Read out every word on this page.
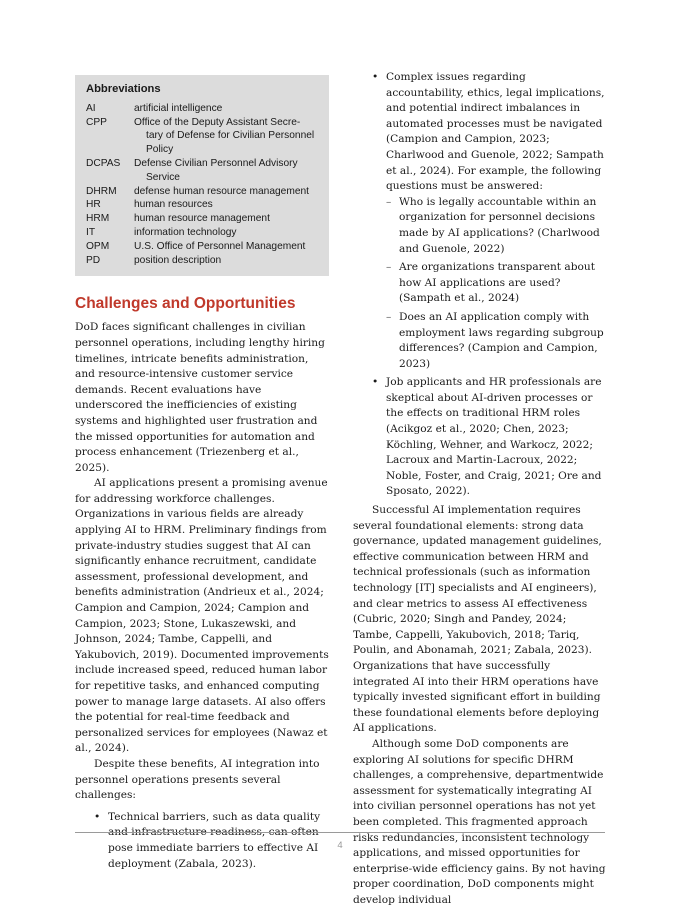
Abbreviations
AI	artificial intelligence
CPP	Office of the Deputy Assistant Secre-
tary of Defense for Civilian Personnel
Policy
DCPAS	Defense Civilian Personnel Advisory
Service
DHRM	defense human resource management
HR	human resources
HRM	human resource management
IT	information technology
OPM	U.S. Office of Personnel Management
PD	position description
Challenges and Opportunities

DoD faces significant challenges in civilian personnel operations, including lengthy hiring timelines, intricate benefits administration, and resource-intensive customer service demands. Recent evaluations have underscored the inefficiencies of existing systems and highlighted user frustration and the missed opportunities for automation and process enhancement (Triezenberg et al., 2025).

AI applications present a promising avenue for addressing workforce challenges. Organizations in various fields are already applying AI to HRM. Preliminary findings from private-industry studies suggest that AI can significantly enhance recruitment, candidate assessment, professional development, and benefits administration (Andrieux et al., 2024; Campion and Campion, 2024; Campion and Campion, 2023; Stone, Lukaszewski, and Johnson, 2024; Tambe, Cappelli, and Yakubovich, 2019). Documented improvements include increased speed, reduced human labor for repetitive tasks, and enhanced computing power to manage large datasets. AI also offers the potential for real-time feedback and personalized services for employees (Nawaz et al., 2024).

Despite these benefits, AI integration into personnel operations presents several challenges:

• Technical barriers, such as data quality and infrastructure readiness, can often pose immediate barriers to effective AI deployment (Zabala, 2023).
• Complex issues regarding accountability, ethics, legal implications, and potential indirect imbalances in automated processes must be navigated (Campion and Campion, 2023; Charlwood and Guenole, 2022; Sampath et al., 2024). For example, the following questions must be answered:
– Who is legally accountable within an organization for personnel decisions made by AI applications? (Charlwood and Guenole, 2022)
– Are organizations transparent about how AI applications are used? (Sampath et al., 2024)
– Does an AI application comply with employment laws regarding subgroup differences? (Campion and Campion, 2023)
• Job applicants and HR professionals are skeptical about AI-driven processes or the effects on traditional HRM roles (Acikgoz et al., 2020; Chen, 2023; Köchling, Wehner, and Warkocz, 2022; Lacroux and Martin-Lacroux, 2022; Noble, Foster, and Craig, 2021; Ore and Sposato, 2022).

Successful AI implementation requires several foundational elements: strong data governance, updated management guidelines, effective communication between HRM and technical professionals (such as information technology [IT] specialists and AI engineers), and clear metrics to assess AI effectiveness (Cubric, 2020; Singh and Pandey, 2024; Tambe, Cappelli, Yakubovich, 2018; Tariq, Poulin, and Abonamah, 2021; Zabala, 2023). Organizations that have successfully integrated AI into their HRM operations have typically invested significant effort in building these foundational elements before deploying AI applications.

Although some DoD components are exploring AI solutions for specific DHRM challenges, a comprehensive, departmentwide assessment for systematically integrating AI into civilian personnel operations has not yet been completed. This fragmented approach risks redundancies, inconsistent technology applications, and missed opportunities for enterprise-wide efficiency gains. By not having proper coordination, DoD components might develop individual

4
